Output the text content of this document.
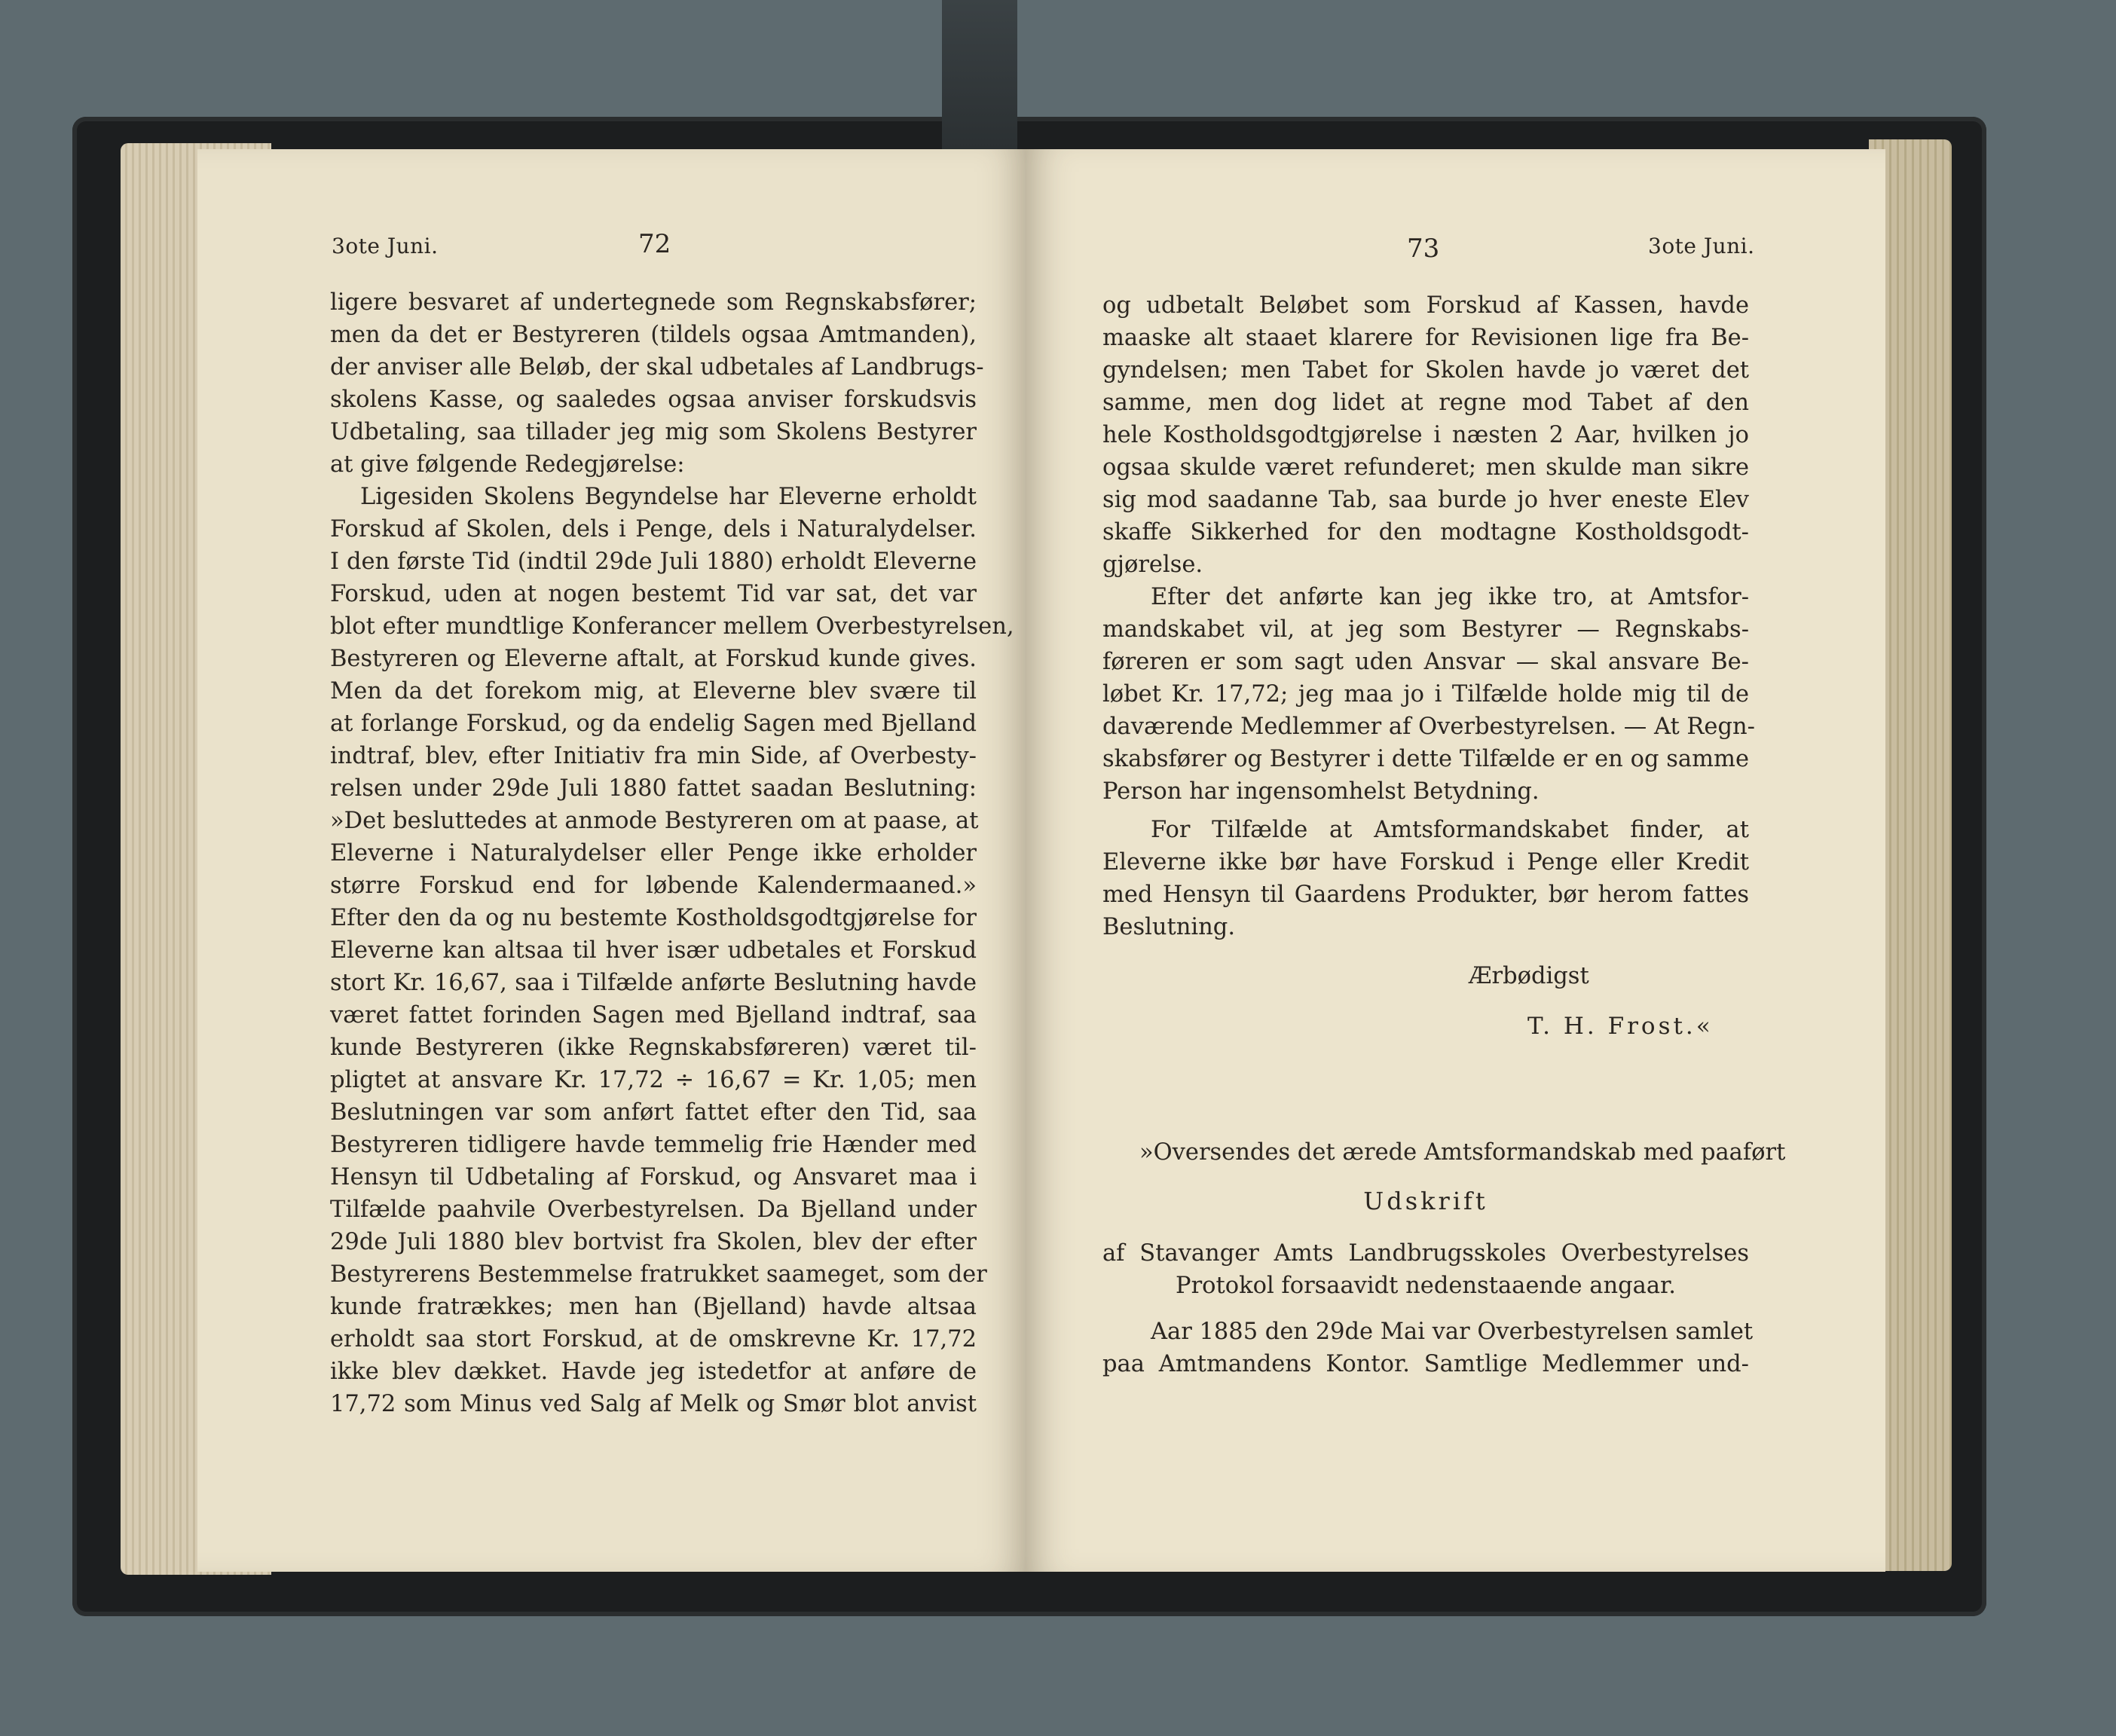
3ote Juni.	72
ligere besvaret af undertegnede som Regnskabsfører;
men da det er Bestyreren (tildels ogsaa Amtmanden),
der anviser alle Beløb, der skal udbetales af Landbrugs-
skolens Kasse, og saaledes ogsaa anviser forskudsvis
Udbetaling, saa tillader jeg mig som Skolens Bestyrer
at give følgende Redegjørelse:
Ligesiden Skolens Begyndelse har Eleverne erholdt
Forskud af Skolen, dels i Penge, dels i Naturalydelser.
I den første Tid (indtil 29de Juli 1880) erholdt Eleverne
Forskud, uden at nogen bestemt Tid var sat, det var
blot efter mundtlige Konferancer mellem Overbestyrelsen,
Bestyreren og Eleverne aftalt, at Forskud kunde gives.
Men da det forekom mig, at Eleverne blev svære til
at forlange Forskud, og da endelig Sagen med Bjelland
indtraf, blev, efter Initiativ fra min Side, af Overbesty-
relsen under 29de Juli 1880 fattet saadan Beslutning:
»Det besluttedes at anmode Bestyreren om at paase, at
Eleverne i Naturalydelser eller Penge ikke erholder
større Forskud end for løbende Kalendermaaned.»
Efter den da og nu bestemte Kostholdsgodtgjørelse for
Eleverne kan altsaa til hver især udbetales et Forskud
stort Kr. 16,67, saa i Tilfælde anførte Beslutning havde
været fattet forinden Sagen med Bjelland indtraf, saa
kunde Bestyreren (ikke Regnskabsføreren) været til-
pligtet at ansvare Kr. 17,72 ÷ 16,67 = Kr. 1,05; men
Beslutningen var som anført fattet efter den Tid, saa
Bestyreren tidligere havde temmelig frie Hænder med
Hensyn til Udbetaling af Forskud, og Ansvaret maa i
Tilfælde paahvile Overbestyrelsen. Da Bjelland under
29de Juli 1880 blev bortvist fra Skolen, blev der efter
Bestyrerens Bestemmelse fratrukket saameget, som der
kunde fratrækkes; men han (Bjelland) havde altsaa
erholdt saa stort Forskud, at de omskrevne Kr. 17,72
ikke blev dækket. Havde jeg istedetfor at anføre de
17,72 som Minus ved Salg af Melk og Smør blot anvist
73	3ote Juni.
og udbetalt Beløbet som Forskud af Kassen, havde
maaske alt staaet klarere for Revisionen lige fra Be-
gyndelsen; men Tabet for Skolen havde jo været det
samme, men dog lidet at regne mod Tabet af den
hele Kostholdsgodtgjørelse i næsten 2 Aar, hvilken jo
ogsaa skulde været refunderet; men skulde man sikre
sig mod saadanne Tab, saa burde jo hver eneste Elev
skaffe Sikkerhed for den modtagne Kostholdsgodt-
gjørelse.
Efter det anførte kan jeg ikke tro, at Amtsfor-
mandskabet vil, at jeg som Bestyrer — Regnskabs-
føreren er som sagt uden Ansvar — skal ansvare Be-
løbet Kr. 17,72; jeg maa jo i Tilfælde holde mig til de
daværende Medlemmer af Overbestyrelsen. — At Regn-
skabsfører og Bestyrer i dette Tilfælde er en og samme
Person har ingensomhelst Betydning.
For Tilfælde at Amtsformandskabet finder, at
Eleverne ikke bør have Forskud i Penge eller Kredit
med Hensyn til Gaardens Produkter, bør herom fattes
Beslutning.
Ærbødigst
T. H. Frost.«
»Oversendes det ærede Amtsformandskab med paaført
Udskrift
af Stavanger Amts Landbrugsskoles Overbestyrelses
Protokol forsaavidt nedenstaaende angaar.
Aar 1885 den 29de Mai var Overbestyrelsen samlet
paa Amtmandens Kontor. Samtlige Medlemmer und-
